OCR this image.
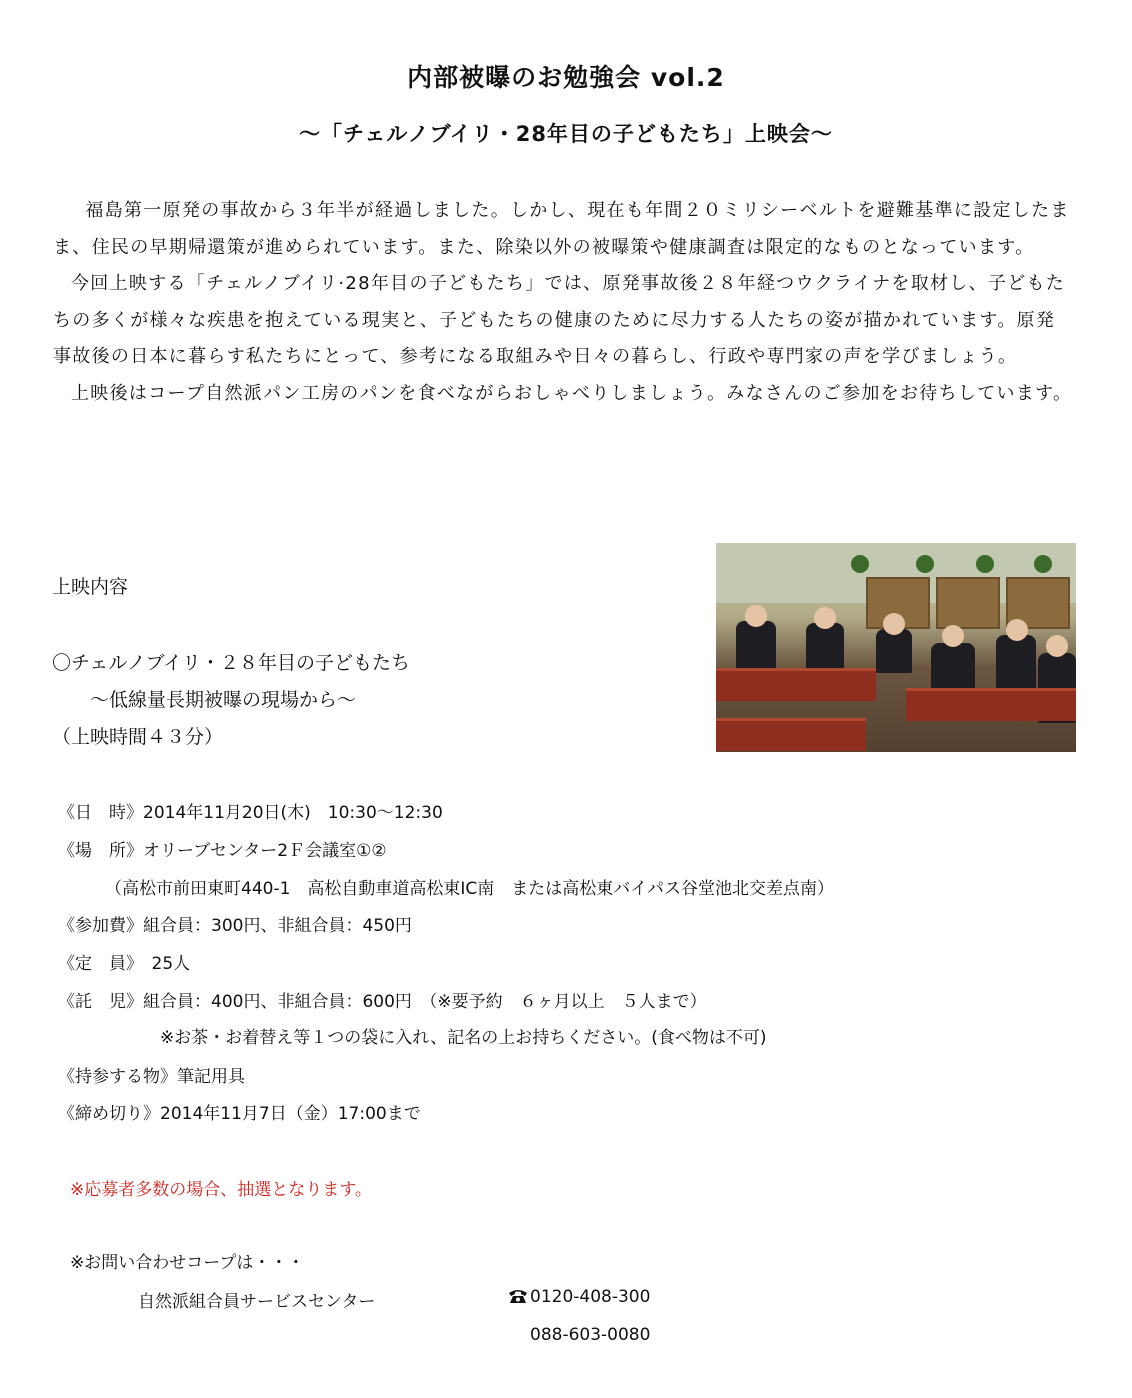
内部被曝のお勉強会 vol.2
～「チェルノブイリ・28年目の子どもたち」上映会～

福島第一原発の事故から３年半が経過しました。しかし、現在も年間２０ミリシーベルトを避難基準に設定したまま、住民の早期帰還策が進められています。また、除染以外の被曝策や健康調査は限定的なものとなっています。

今回上映する「チェルノブイリ·28年目の子どもたち」では、原発事故後２８年経つウクライナを取材し、子どもたちの多くが様々な疾患を抱えている現実と、子どもたちの健康のために尽力する人たちの姿が描かれています。原発事故後の日本に暮らす私たちにとって、参考になる取組みや日々の暮らし、行政や専門家の声を学びましょう。

上映後はコープ自然派パン工房のパンを食べながらおしゃべりしましょう。みなさんのご参加をお待ちしています。

上映内容
〇チェルノブイリ・２８年目の子どもたち
～低線量長期被曝の現場から～
（上映時間４３分）
《日　時》2014年11月20日(木)　10:30～12:30
《場　所》オリーブセンター2Ｆ会議室①②
（高松市前田東町440-1　高松自動車道高松東IC南　または高松東バイパス谷堂池北交差点南）
《参加費》組合員：300円、非組合員：450円
《定　員》　25人
《託　児》組合員：400円、非組合員：600円　（※要予約　６ヶ月以上　５人まで）
※お茶・お着替え等１つの袋に入れ、記名の上お持ちください。(食べ物は不可)
《持参する物》筆記用具
《締め切り》2014年11月7日（金）17:00まで
※応募者多数の場合、抽選となります。
※お問い合わせコープは・・・
自然派組合員サービスセンター	0120-408-300
088-603-0080
